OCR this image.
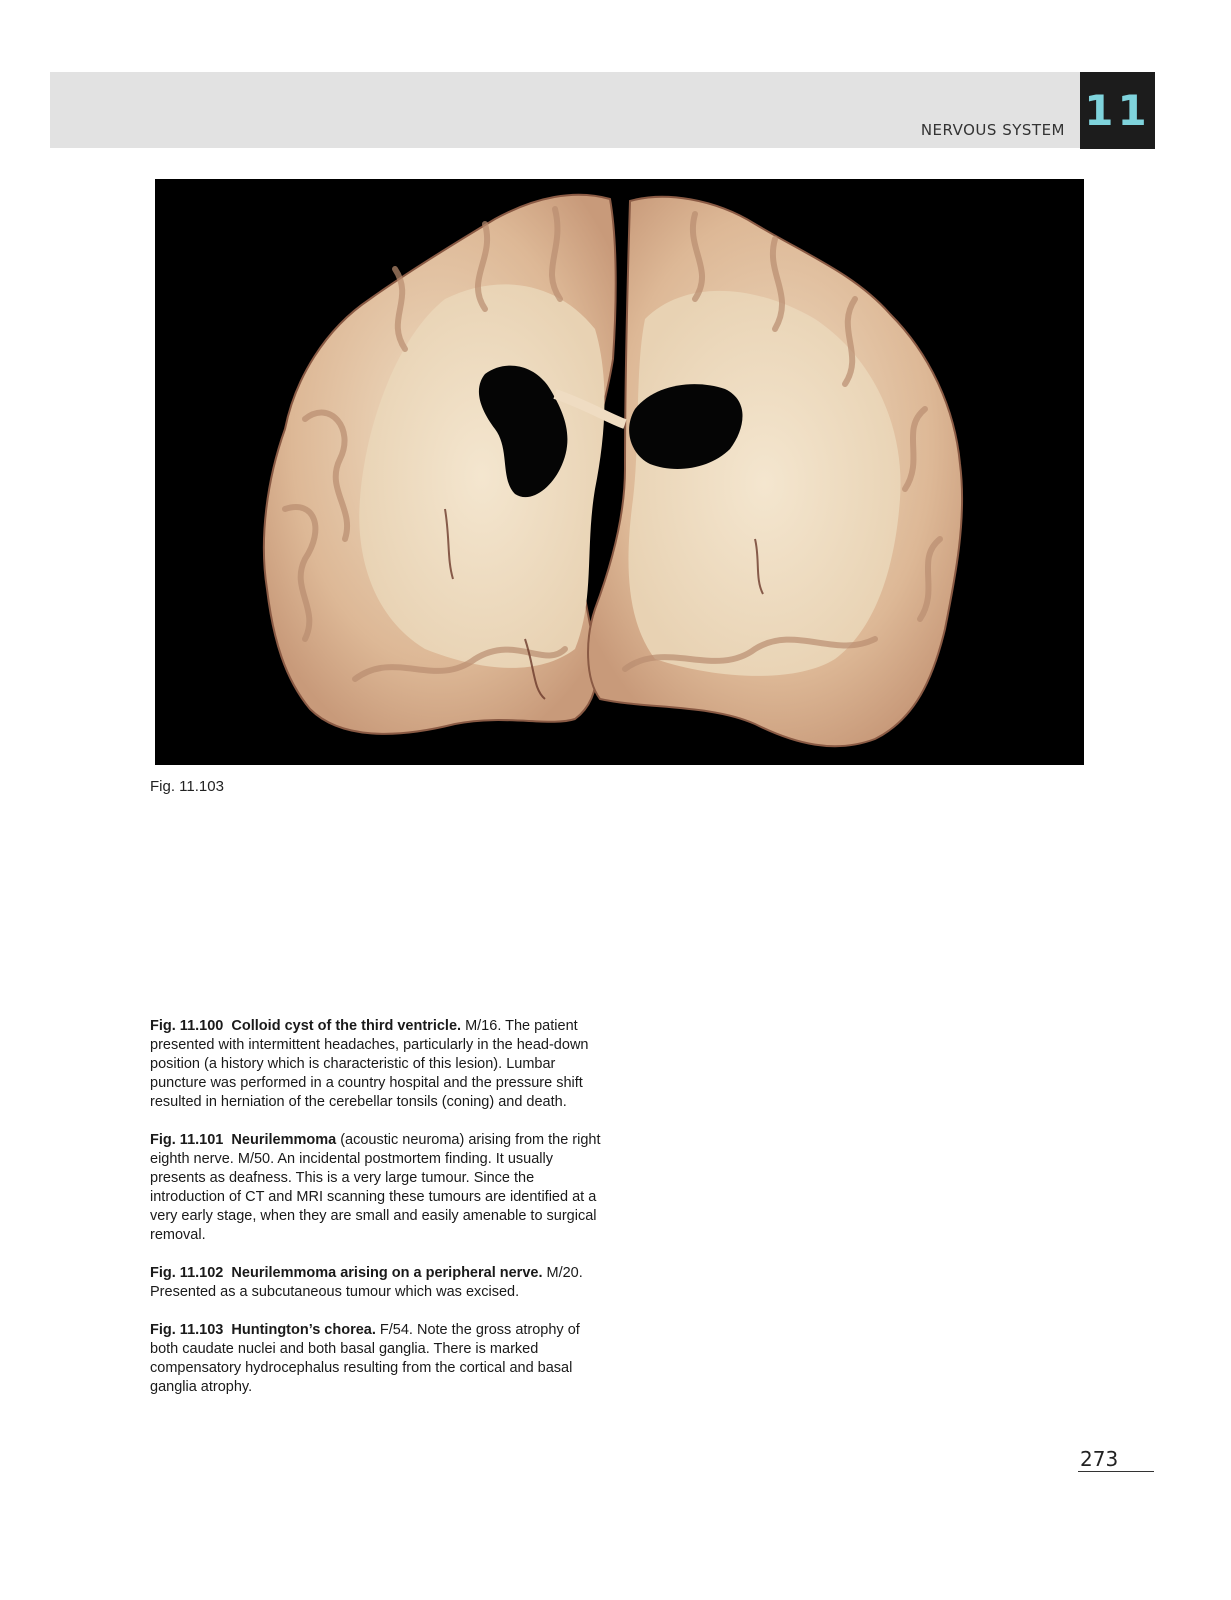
NERVOUS SYSTEM 11
Fig. 11.103

Fig. 11.100 Colloid cyst of the third ventricle. M/16. The patient presented with intermittent headaches, particularly in the head-down position (a history which is characteristic of this lesion). Lumbar puncture was performed in a country hospital and the pressure shift resulted in herniation of the cerebellar tonsils (coning) and death.

Fig. 11.101 Neurilemmoma (acoustic neuroma) arising from the right eighth nerve. M/50. An incidental postmortem finding. It usually presents as deafness. This is a very large tumour. Since the introduction of CT and MRI scanning these tumours are identified at a very early stage, when they are small and easily amenable to surgical removal.

Fig. 11.102 Neurilemmoma arising on a peripheral nerve. M/20. Presented as a subcutaneous tumour which was excised.

Fig. 11.103 Huntington’s chorea. F/54. Note the gross atrophy of both caudate nuclei and both basal ganglia. There is marked compensatory hydrocephalus resulting from the cortical and basal ganglia atrophy.

273
